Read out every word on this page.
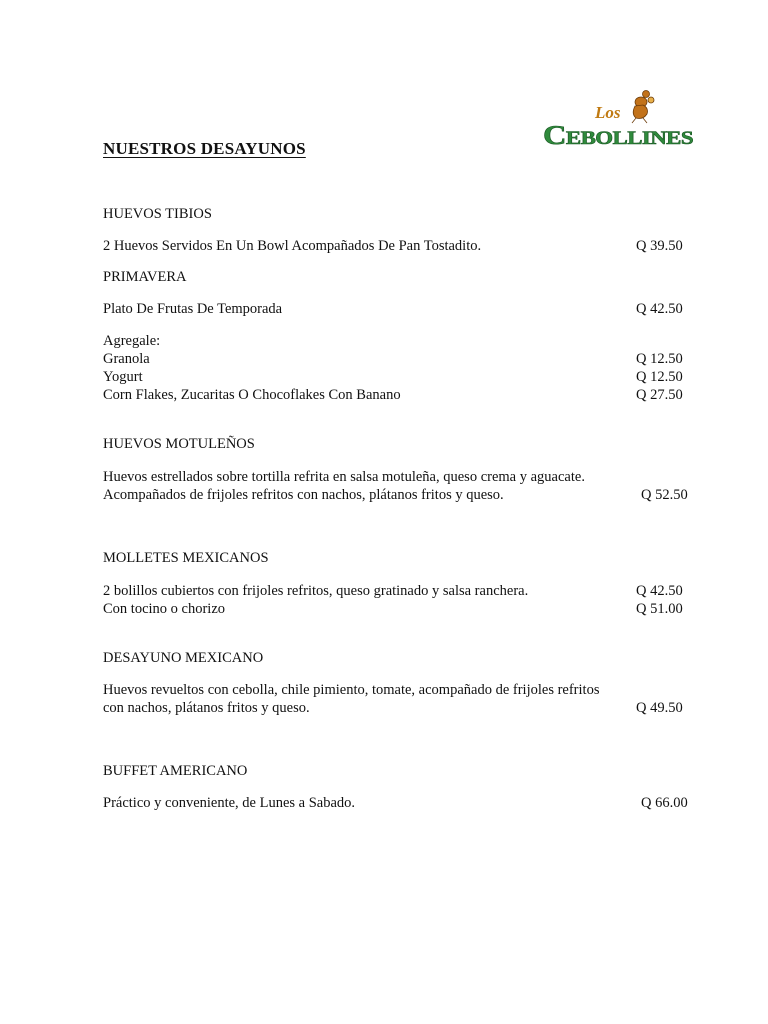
Los
Cebollines
NUESTROS DESAYUNOS
HUEVOS TIBIOS
2 Huevos Servidos En Un Bowl Acompañados De Pan Tostadito.	Q 39.50
PRIMAVERA
Plato De Frutas De Temporada	Q 42.50
Agregale:
Granola	Q 12.50
Yogurt	Q 12.50
Corn Flakes, Zucaritas O Chocoflakes Con Banano	Q 27.50
HUEVOS MOTULEÑOS
Huevos estrellados sobre tortilla refrita en salsa motuleña, queso crema y aguacate.
Acompañados de frijoles refritos con nachos, plátanos fritos y queso.	Q 52.50
MOLLETES MEXICANOS
2 bolillos cubiertos con frijoles refritos, queso gratinado y salsa ranchera.	Q 42.50
Con tocino o chorizo	Q 51.00
DESAYUNO MEXICANO
Huevos revueltos con cebolla, chile pimiento, tomate, acompañado de frijoles refritos
con nachos, plátanos fritos y queso.	Q 49.50
BUFFET AMERICANO
Práctico y conveniente, de Lunes a Sabado.	Q 66.00
